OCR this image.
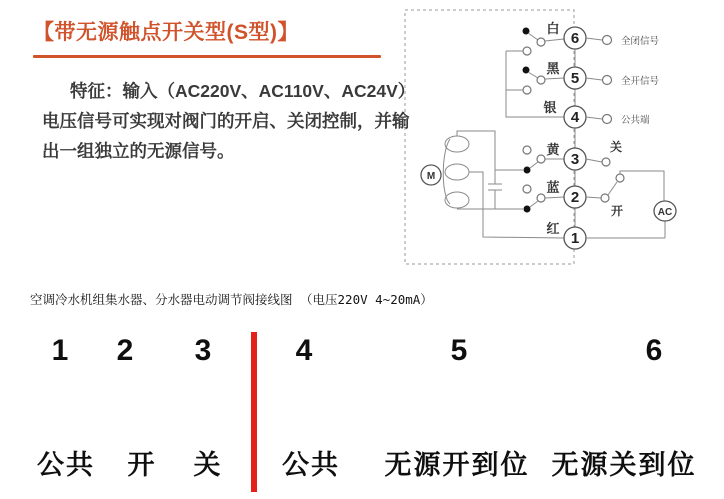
【带无源触点开关型(S型)】
特征：输入（AC220V、AC110V、AC24V）
电压信号可实现对阀门的开启、关闭控制，并输
出一组独立的无源信号。
M
6
白
5
黑
4
银
3
黄
2
蓝
1
红
全闭信号
全开信号
公共端
关
开	AC
空调冷水机组集水器、分水器电动调节阀接线图 （电压220V 4~20mA）
1 2 3	4	5	6
公共 开 关 公共 无源开到位 无源关到位
